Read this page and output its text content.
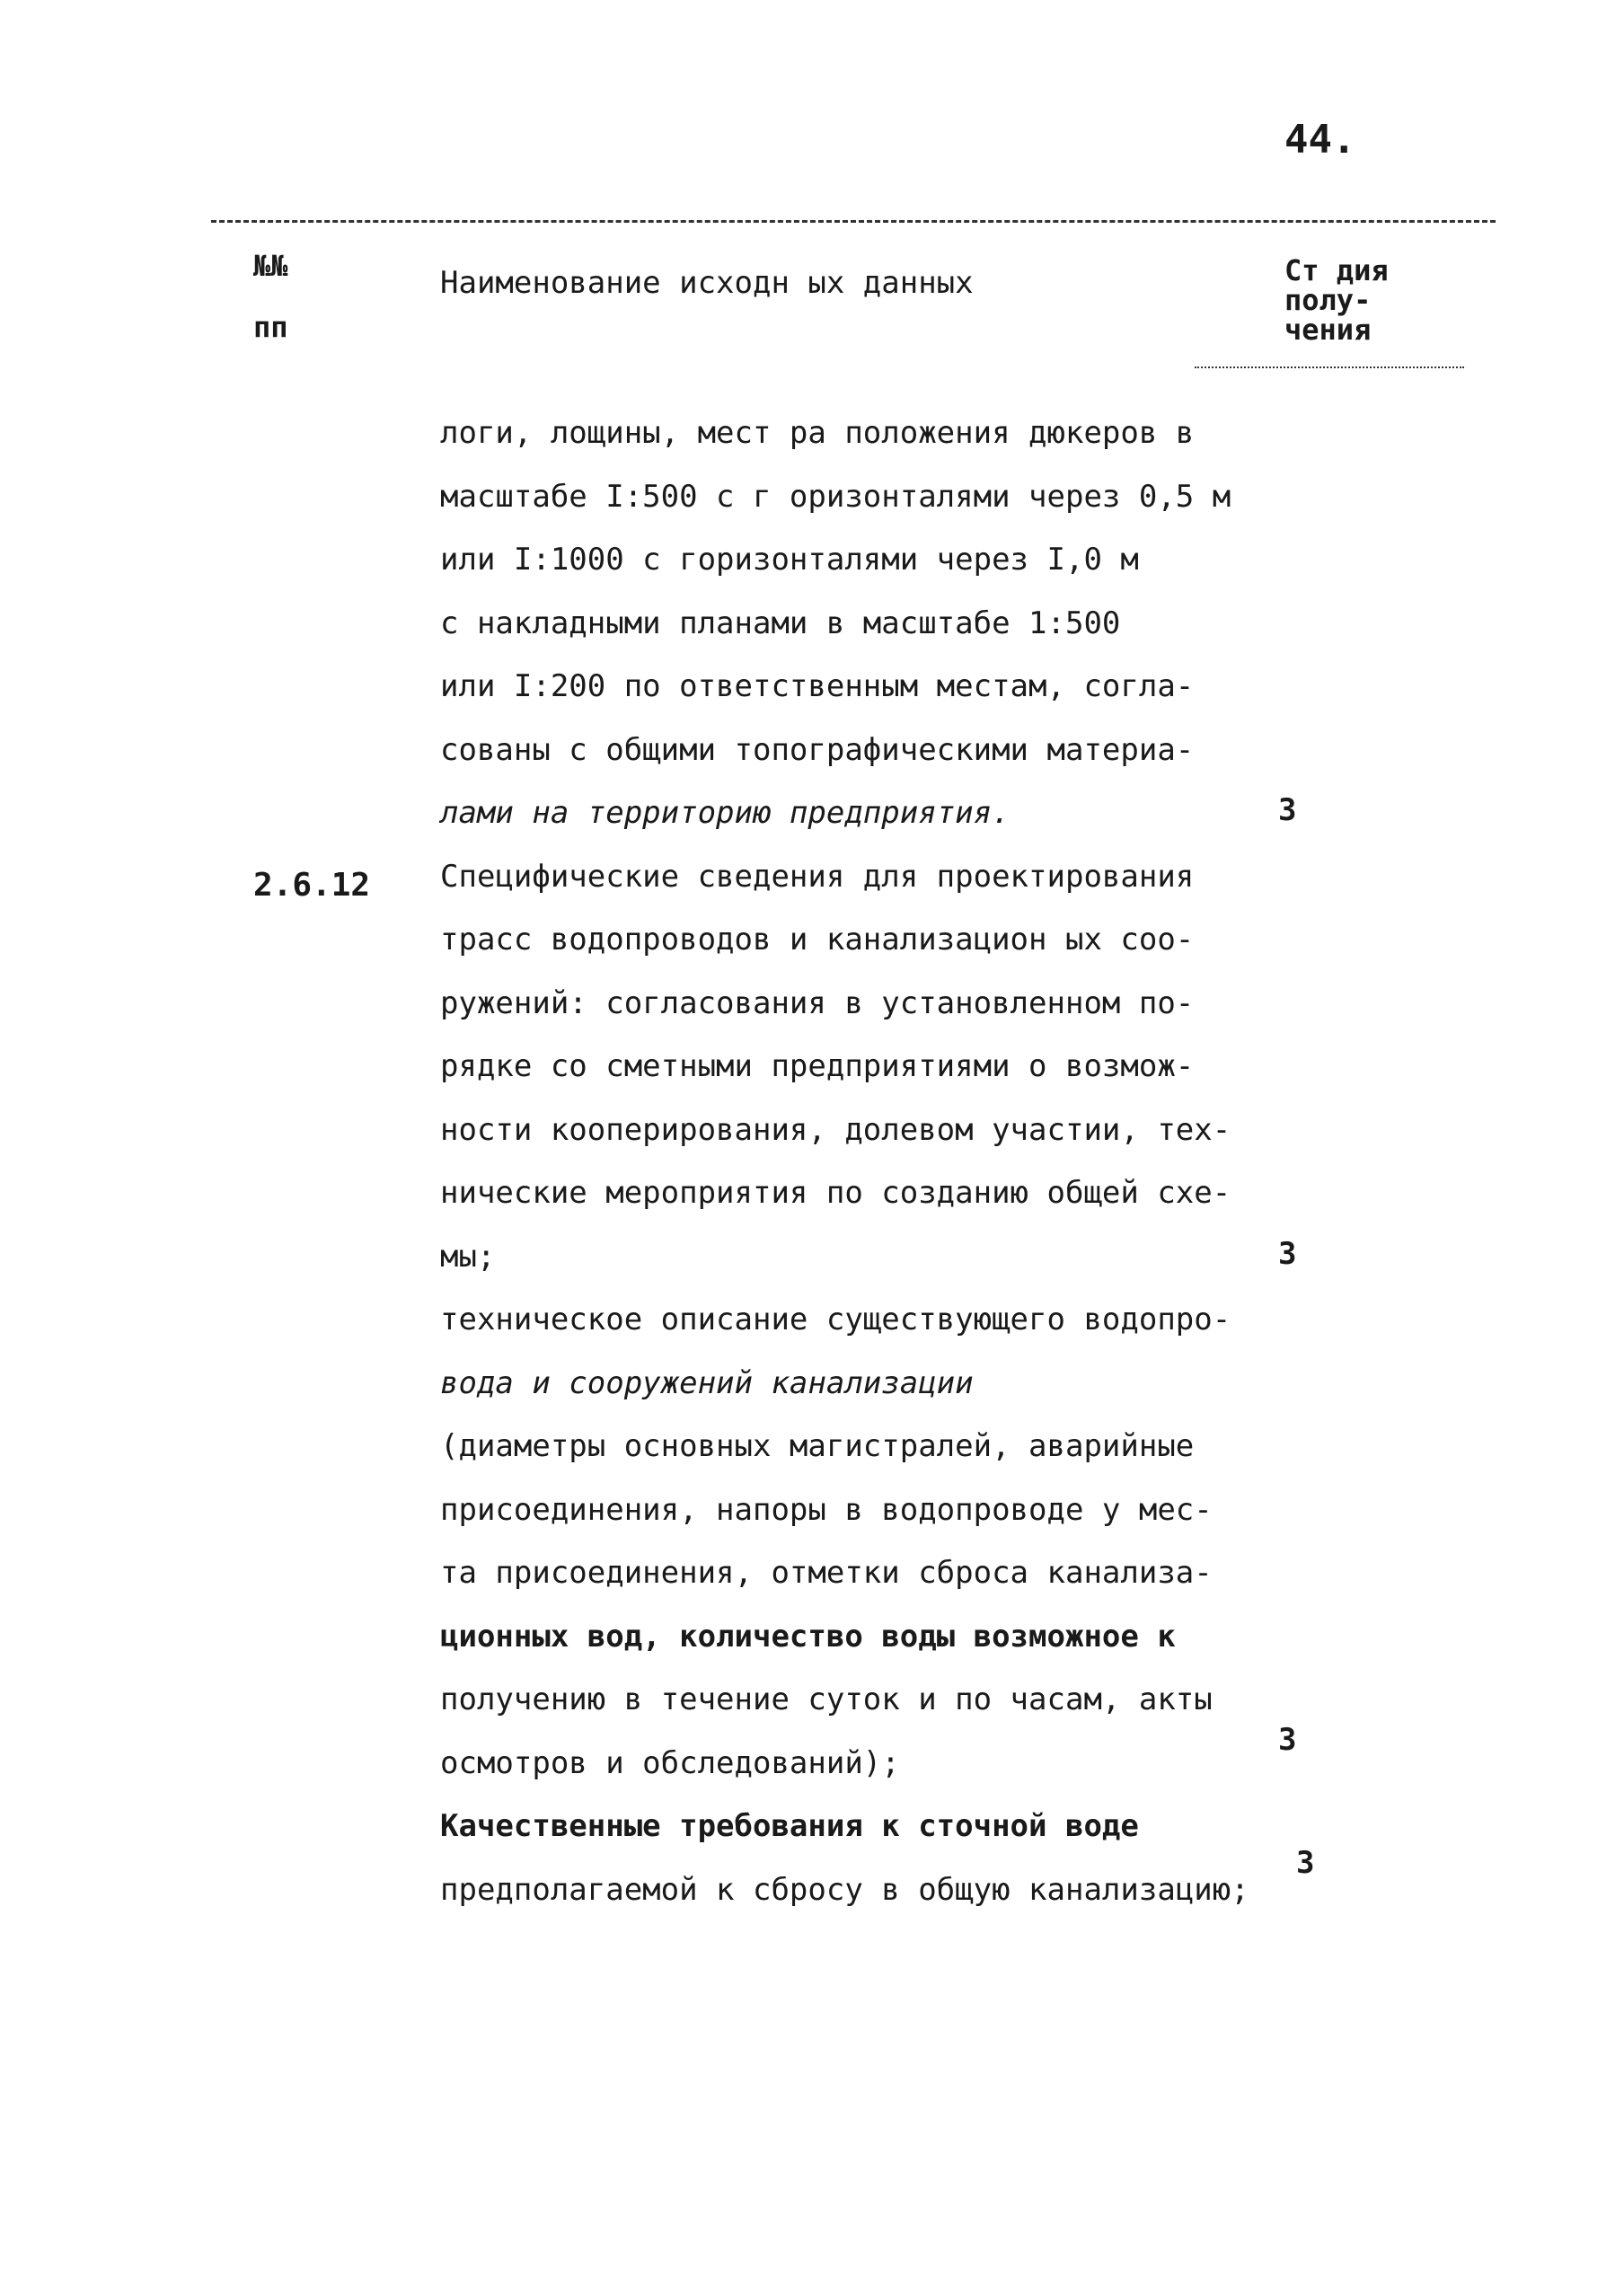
44.
№№
пп
Наименование исходн ых данных	Ст дия
полу-
чения
2.6.12
логи, лощины, мест ра положения дюкеров в
масштабе I:500 с г оризонталями через 0,5 м
или I:1000 с горизонталями через I,0 м
с накладными планами в масштабе 1:500
или I:200 по ответственным местам, согла-
сованы с общими топографическими материа-
лами на территорию предприятия.
Специфические сведения для проектирования
трасс водопроводов и канализацион ых соо-
ружений: согласования в установленном по-
рядке со сметными предприятиями о возмож-
ности кооперирования, долевом участии, тех-
нические мероприятия по созданию общей схе-
мы;
техническое описание существующего водопро-
вода и сооружений канализации
(диаметры основных магистралей, аварийные
присоединения, напоры в водопроводе у мес-
та присоединения, отметки сброса канализа-
ционных вод, количество воды возможное к
получению в течение суток и по часам, акты
осмотров и обследований);
Качественные требования к сточной воде
предполагаемой к сбросу в общую канализацию;
3
3
3
3
